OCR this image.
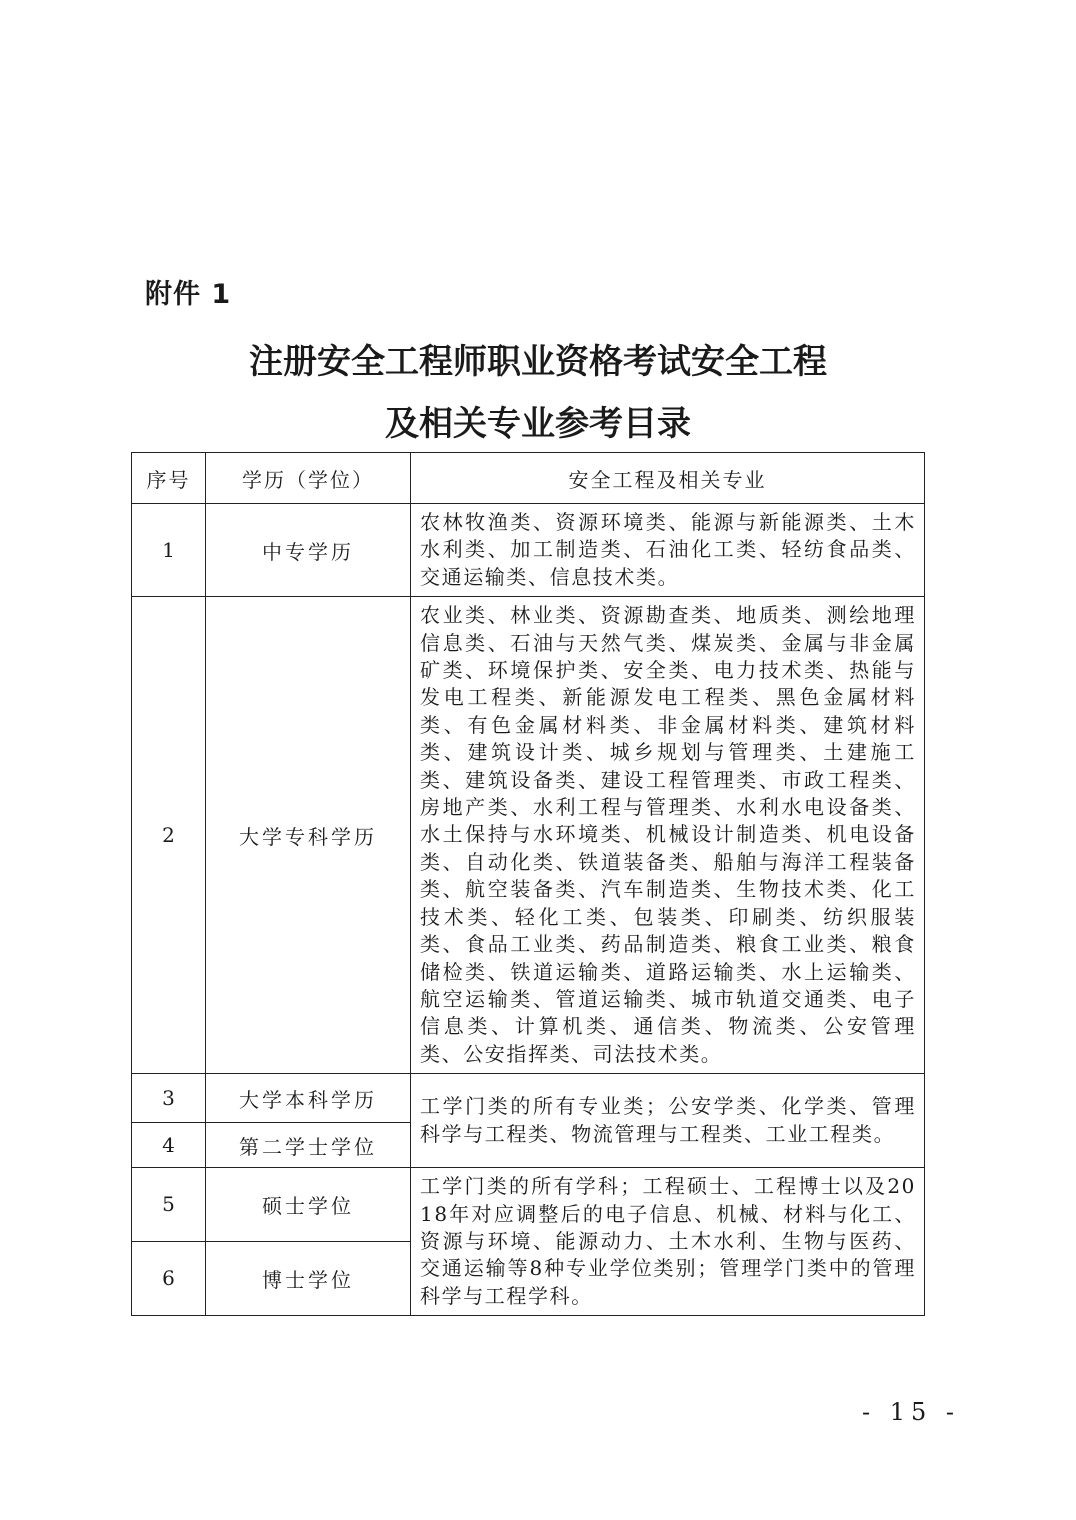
附件 1
注册安全工程师职业资格考试安全工程
及相关专业参考目录
序号	学历（学位）	安全工程及相关专业
1	中专学历	农林牧渔类、资源环境类、能源与新能源类、土木水利类、加工制造类、石油化工类、轻纺食品类、交通运输类、信息技术类。
2	大学专科学历	农业类、林业类、资源勘查类、地质类、测绘地理信息类、石油与天然气类、煤炭类、金属与非金属矿类、环境保护类、安全类、电力技术类、热能与发电工程类、新能源发电工程类、黑色金属材料类、有色金属材料类、非金属材料类、建筑材料类、建筑设计类、城乡规划与管理类、土建施工类、建筑设备类、建设工程管理类、市政工程类、房地产类、水利工程与管理类、水利水电设备类、水土保持与水环境类、机械设计制造类、机电设备类、自动化类、铁道装备类、船舶与海洋工程装备类、航空装备类、汽车制造类、生物技术类、化工技术类、轻化工类、包装类、印刷类、纺织服装类、食品工业类、药品制造类、粮食工业类、粮食储检类、铁道运输类、道路运输类、水上运输类、航空运输类、管道运输类、城市轨道交通类、电子信息类、计算机类、通信类、物流类、公安管理类、公安指挥类、司法技术类。
3	大学本科学历	工学门类的所有专业类；公安学类、化学类、管理科学与工程类、物流管理与工程类、工业工程类。
4	第二学士学位	
5	硕士学位	工学门类的所有学科；工程硕士、工程博士以及2018年对应调整后的电子信息、机械、材料与化工、资源与环境、能源动力、土木水利、生物与医药、交通运输等8种专业学位类别；管理学门类中的管理科学与工程学科。
6	博士学位	
- 15 -
